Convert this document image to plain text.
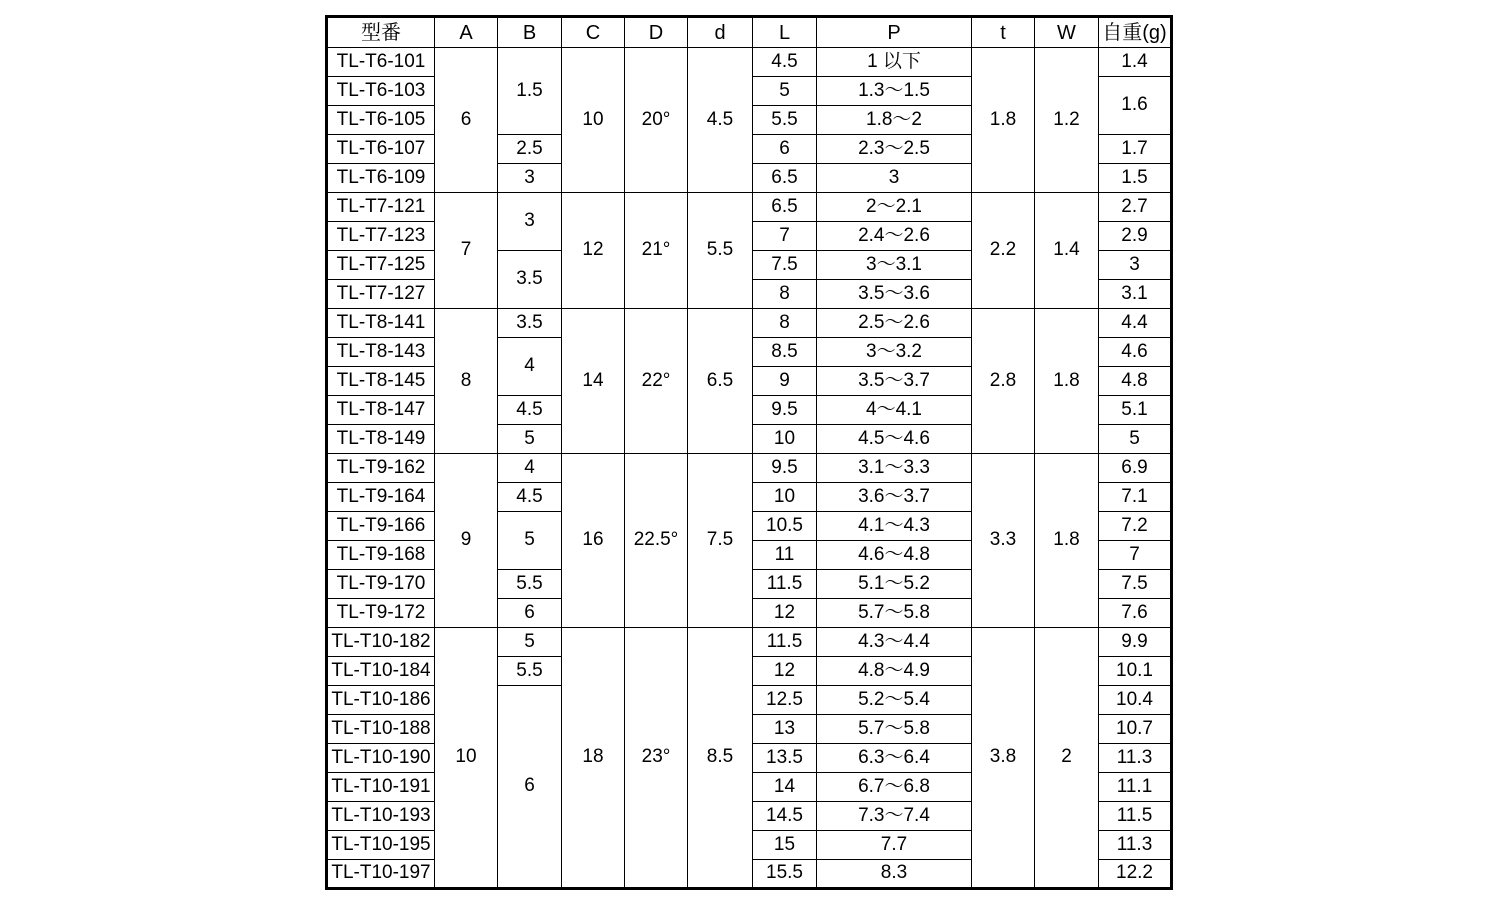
型番	A	B	C	D	d	L	P	t	W	自重(g)
TL-T6-101	6	1.5	10	20°	4.5	4.5	1 以下	1.8	1.2	1.4
TL-T6-103						5	1.3〜1.5			1.6
TL-T6-105						5.5	1.8〜2			
TL-T6-107		2.5				6	2.3〜2.5			1.7
TL-T6-109		3				6.5	3			1.5
TL-T7-121	7	3	12	21°	5.5	6.5	2〜2.1	2.2	1.4	2.7
TL-T7-123						7	2.4〜2.6			2.9
TL-T7-125		3.5				7.5	3〜3.1			3
TL-T7-127						8	3.5〜3.6			3.1
TL-T8-141	8	3.5	14	22°	6.5	8	2.5〜2.6	2.8	1.8	4.4
TL-T8-143		4				8.5	3〜3.2			4.6
TL-T8-145						9	3.5〜3.7			4.8
TL-T8-147		4.5				9.5	4〜4.1			5.1
TL-T8-149		5				10	4.5〜4.6			5
TL-T9-162	9	4	16	22.5°	7.5	9.5	3.1〜3.3	3.3	1.8	6.9
TL-T9-164		4.5				10	3.6〜3.7			7.1
TL-T9-166		5				10.5	4.1〜4.3			7.2
TL-T9-168						11	4.6〜4.8			7
TL-T9-170		5.5				11.5	5.1〜5.2			7.5
TL-T9-172		6				12	5.7〜5.8			7.6
TL-T10-182	10	5	18	23°	8.5	11.5	4.3〜4.4	3.8	2	9.9
TL-T10-184		5.5				12	4.8〜4.9			10.1
TL-T10-186		6				12.5	5.2〜5.4			10.4
TL-T10-188						13	5.7〜5.8			10.7
TL-T10-190						13.5	6.3〜6.4			11.3
TL-T10-191						14	6.7〜6.8			11.1
TL-T10-193						14.5	7.3〜7.4			11.5
TL-T10-195						15	7.7			11.3
TL-T10-197						15.5	8.3			12.2
